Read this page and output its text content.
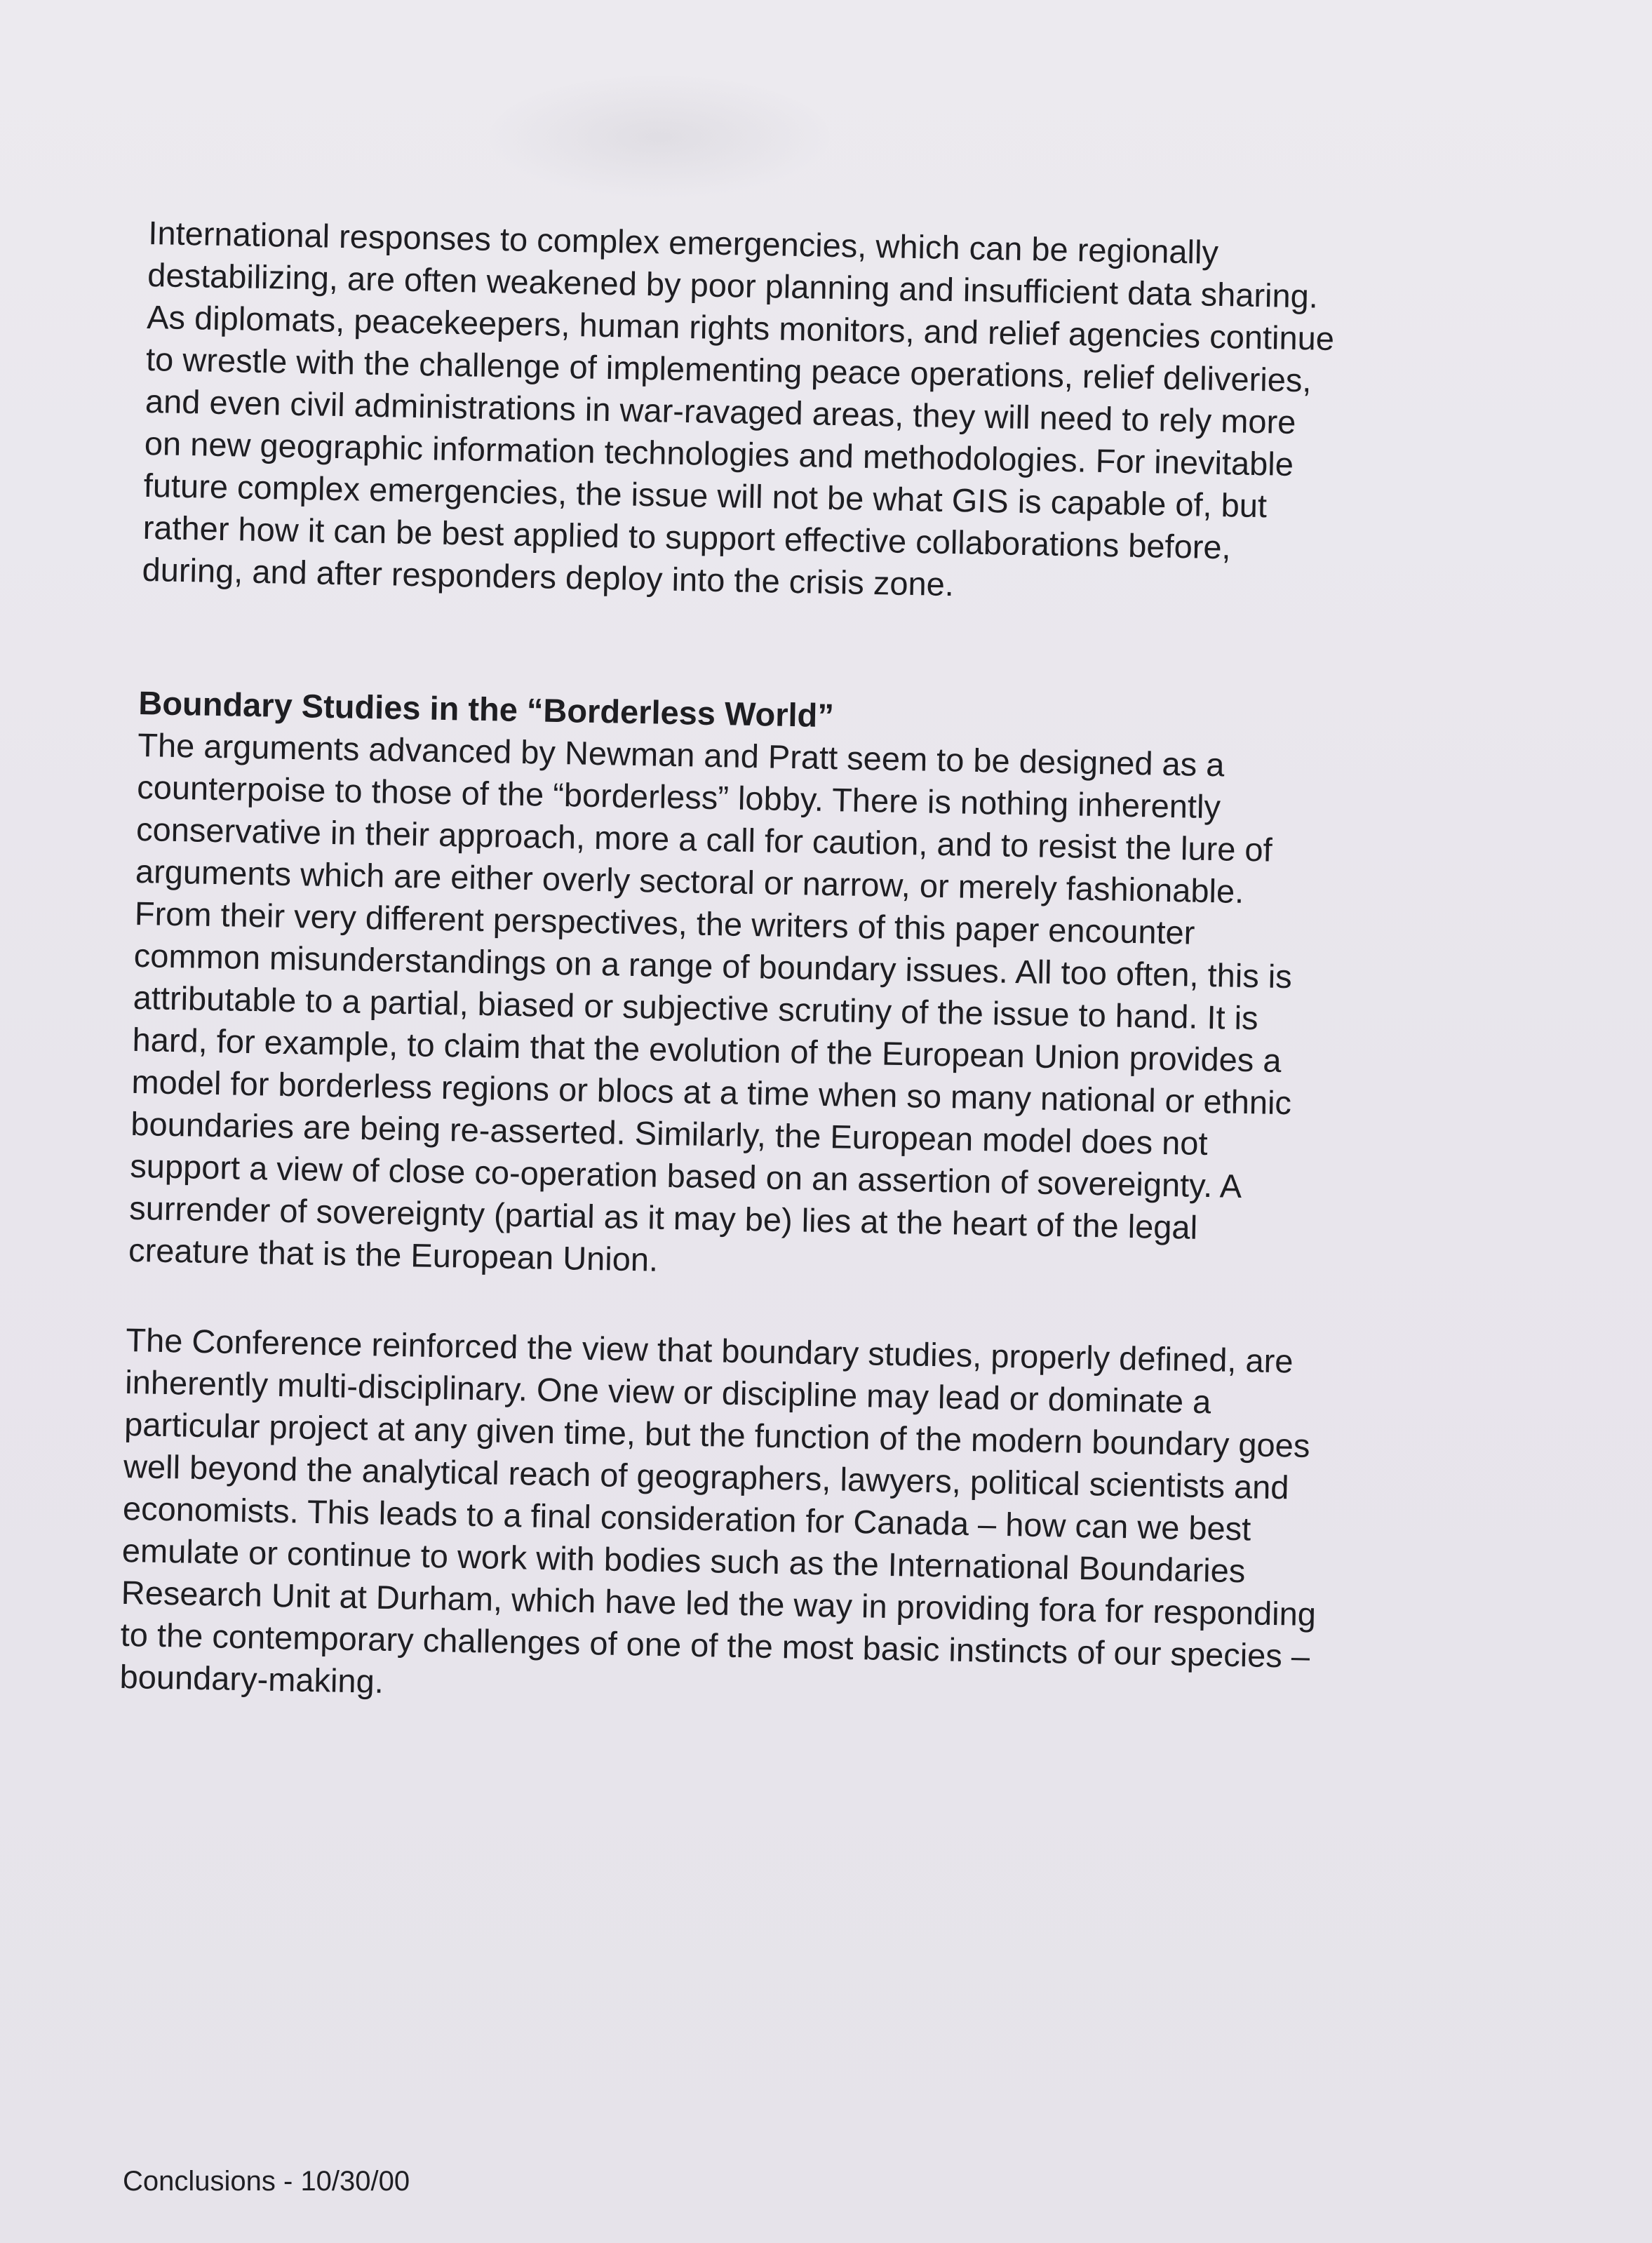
International responses to complex emergencies, which can be regionally
destabilizing, are often weakened by poor planning and insufficient data sharing.
As diplomats, peacekeepers, human rights monitors, and relief agencies continue
to wrestle with the challenge of implementing peace operations, relief deliveries,
and even civil administrations in war-ravaged areas, they will need to rely more
on new geographic information technologies and methodologies. For inevitable
future complex emergencies, the issue will not be what GIS is capable of, but
rather how it can be best applied to support effective collaborations before,
during, and after responders deploy into the crisis zone.

Boundary Studies in the “Borderless World”

The arguments advanced by Newman and Pratt seem to be designed as a
counterpoise to those of the “borderless” lobby. There is nothing inherently
conservative in their approach, more a call for caution, and to resist the lure of
arguments which are either overly sectoral or narrow, or merely fashionable.
From their very different perspectives, the writers of this paper encounter
common misunderstandings on a range of boundary issues. All too often, this is
attributable to a partial, biased or subjective scrutiny of the issue to hand. It is
hard, for example, to claim that the evolution of the European Union provides a
model for borderless regions or blocs at a time when so many national or ethnic
boundaries are being re-asserted. Similarly, the European model does not
support a view of close co-operation based on an assertion of sovereignty. A
surrender of sovereignty (partial as it may be) lies at the heart of the legal
creature that is the European Union.

The Conference reinforced the view that boundary studies, properly defined, are
inherently multi-disciplinary. One view or discipline may lead or dominate a
particular project at any given time, but the function of the modern boundary goes
well beyond the analytical reach of geographers, lawyers, political scientists and
economists. This leads to a final consideration for Canada – how can we best
emulate or continue to work with bodies such as the International Boundaries
Research Unit at Durham, which have led the way in providing fora for responding
to the contemporary challenges of one of the most basic instincts of our species –
boundary-making.

Conclusions - 10/30/00
